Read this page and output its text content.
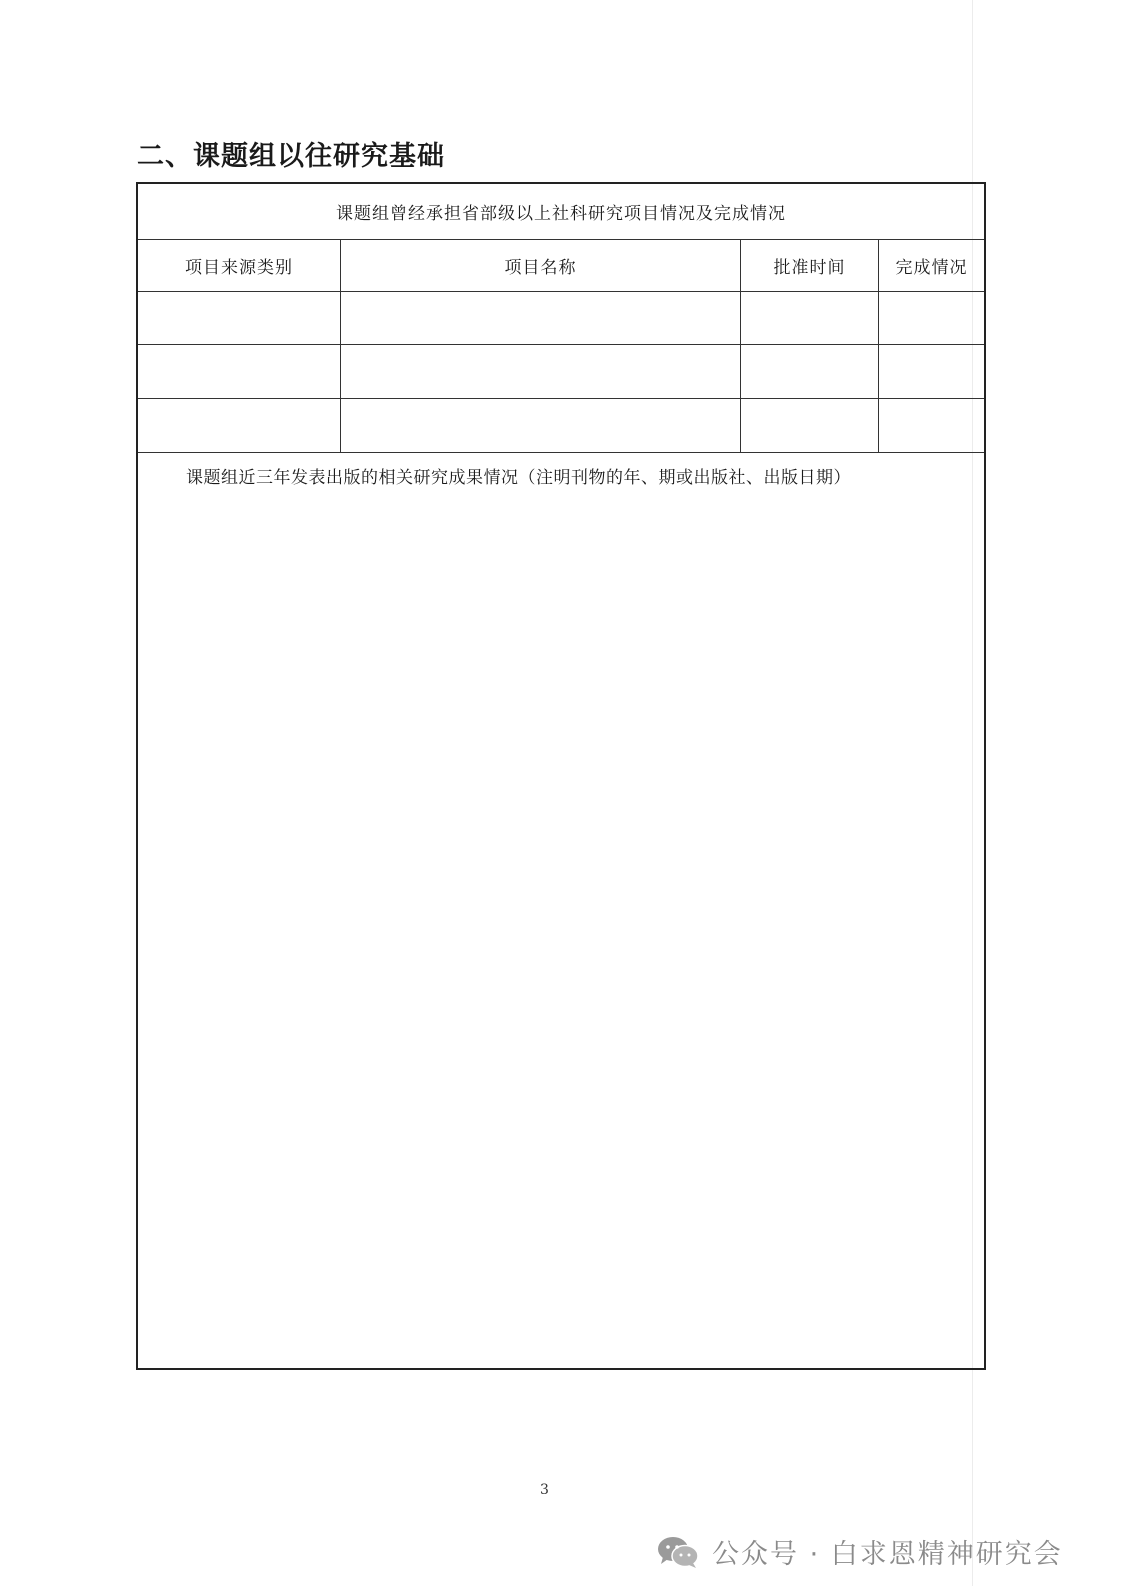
二、课题组以往研究基础
课题组曾经承担省部级以上社科研究项目情况及完成情况
项目来源类别	项目名称	批准时间	完成情况
课题组近三年发表出版的相关研究成果情况（注明刊物的年、期或出版社、出版日期）
3
公众号 · 白求恩精神研究会
